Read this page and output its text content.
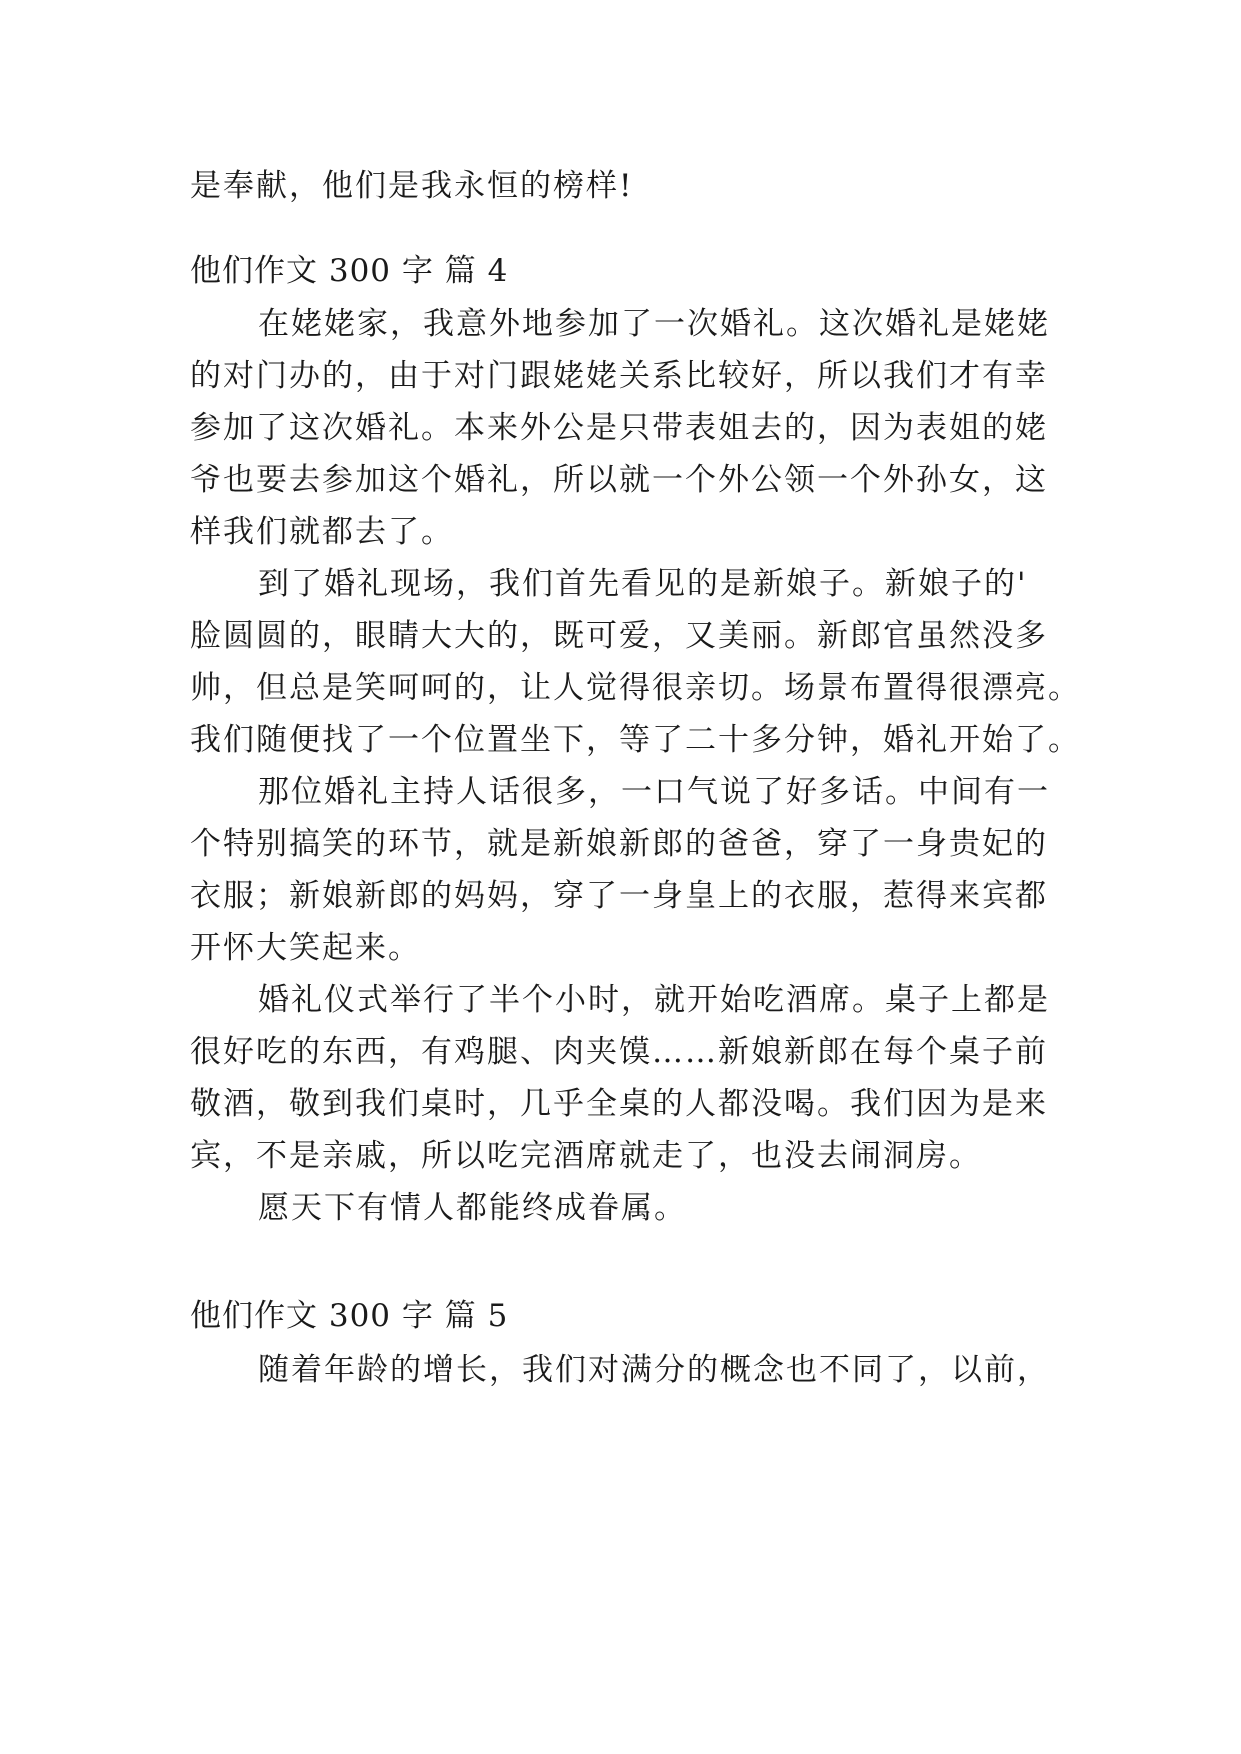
是奉献，他们是我永恒的榜样!
他们作文 300 字 篇 4
在姥姥家，我意外地参加了一次婚礼。这次婚礼是姥姥
的对门办的，由于对门跟姥姥关系比较好，所以我们才有幸
参加了这次婚礼。本来外公是只带表姐去的，因为表姐的姥
爷也要去参加这个婚礼，所以就一个外公领一个外孙女，这
样我们就都去了。
到了婚礼现场，我们首先看见的是新娘子。新娘子的'
脸圆圆的，眼睛大大的，既可爱，又美丽。新郎官虽然没多
帅，但总是笑呵呵的，让人觉得很亲切。场景布置得很漂亮。
我们随便找了一个位置坐下，等了二十多分钟，婚礼开始了。
那位婚礼主持人话很多，一口气说了好多话。中间有一
个特别搞笑的环节，就是新娘新郎的爸爸，穿了一身贵妃的
衣服；新娘新郎的妈妈，穿了一身皇上的衣服，惹得来宾都
开怀大笑起来。
婚礼仪式举行了半个小时，就开始吃酒席。桌子上都是
很好吃的东西，有鸡腿、肉夹馍……新娘新郎在每个桌子前
敬酒，敬到我们桌时，几乎全桌的人都没喝。我们因为是来
宾，不是亲戚，所以吃完酒席就走了，也没去闹洞房。
愿天下有情人都能终成眷属。
他们作文 300 字 篇 5
随着年龄的增长，我们对满分的概念也不同了，以前，
